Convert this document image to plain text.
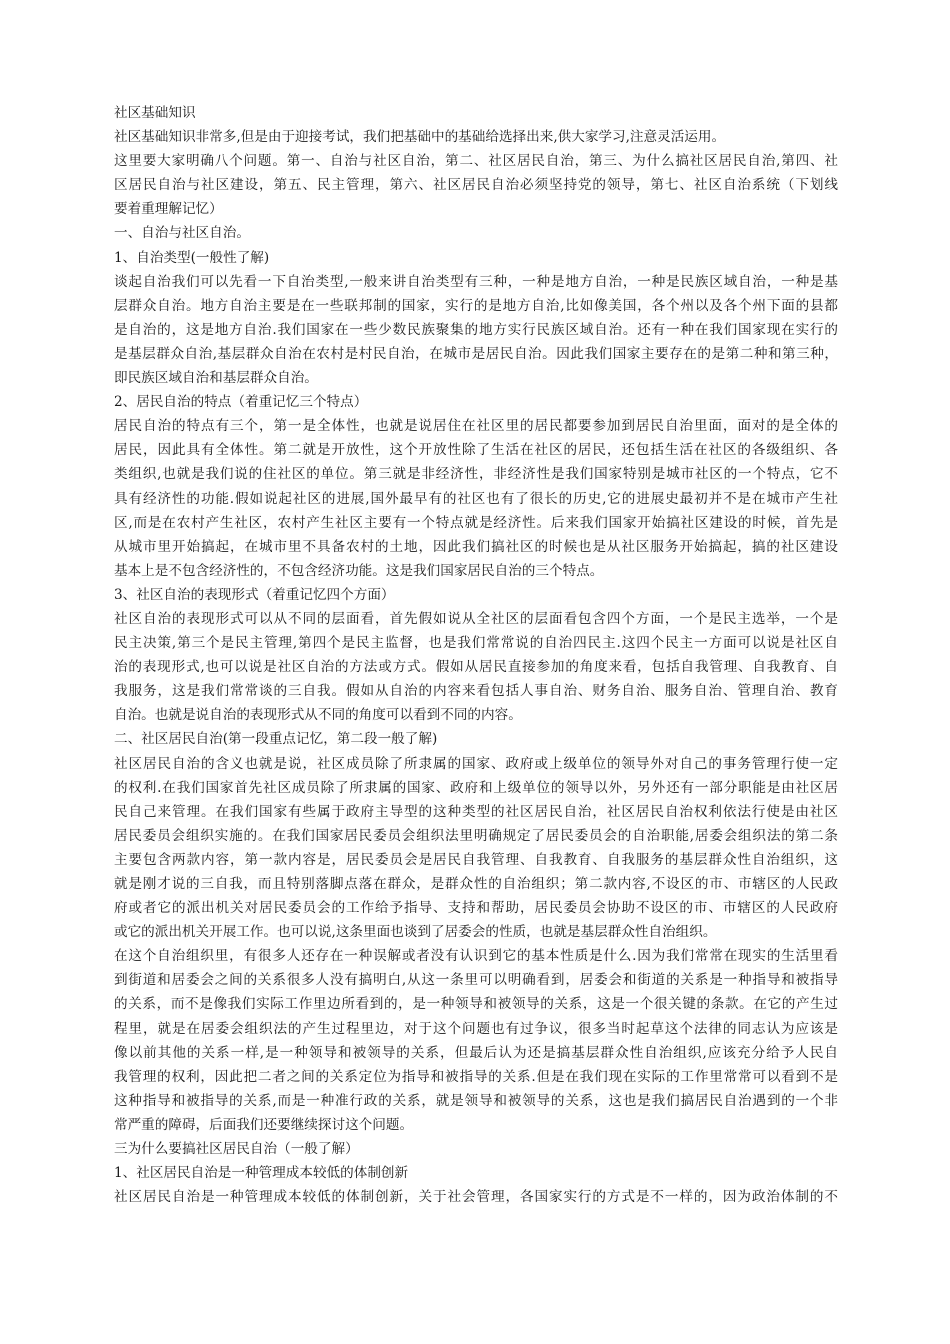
社区基础知识
社区基础知识非常多,但是由于迎接考试，我们把基础中的基础给选择出来,供大家学习,注意灵活运用。
这里要大家明确八个问题。第一、自治与社区自治，第二、社区居民自治，第三、为什么搞社区居民自治,第四、社
区居民自治与社区建设，第五、民主管理，第六、社区居民自治必须坚持党的领导，第七、社区自治系统（下划线
要着重理解记忆）
一、自治与社区自治。
1、自治类型(一般性了解)
谈起自治我们可以先看一下自治类型,一般来讲自治类型有三种，一种是地方自治，一种是民族区域自治，一种是基
层群众自治。地方自治主要是在一些联邦制的国家，实行的是地方自治,比如像美国，各个州以及各个州下面的县都
是自治的，这是地方自治.我们国家在一些少数民族聚集的地方实行民族区域自治。还有一种在我们国家现在实行的
是基层群众自治,基层群众自治在农村是村民自治，在城市是居民自治。因此我们国家主要存在的是第二种和第三种，
即民族区域自治和基层群众自治。
2、居民自治的特点（着重记忆三个特点）
居民自治的特点有三个，第一是全体性，也就是说居住在社区里的居民都要参加到居民自治里面，面对的是全体的
居民，因此具有全体性。第二就是开放性，这个开放性除了生活在社区的居民，还包括生活在社区的各级组织、各
类组织,也就是我们说的住社区的单位。第三就是非经济性，非经济性是我们国家特别是城市社区的一个特点，它不
具有经济性的功能.假如说起社区的进展,国外最早有的社区也有了很长的历史,它的进展史最初并不是在城市产生社
区,而是在农村产生社区，农村产生社区主要有一个特点就是经济性。后来我们国家开始搞社区建设的时候，首先是
从城市里开始搞起，在城市里不具备农村的土地，因此我们搞社区的时候也是从社区服务开始搞起，搞的社区建设
基本上是不包含经济性的，不包含经济功能。这是我们国家居民自治的三个特点。
3、社区自治的表现形式（着重记忆四个方面）
社区自治的表现形式可以从不同的层面看，首先假如说从全社区的层面看包含四个方面，一个是民主选举，一个是
民主决策,第三个是民主管理,第四个是民主监督，也是我们常常说的自治四民主.这四个民主一方面可以说是社区自
治的表现形式,也可以说是社区自治的方法或方式。假如从居民直接参加的角度来看，包括自我管理、自我教育、自
我服务，这是我们常常谈的三自我。假如从自治的内容来看包括人事自治、财务自治、服务自治、管理自治、教育
自治。也就是说自治的表现形式从不同的角度可以看到不同的内容。
二、社区居民自治(第一段重点记忆，第二段一般了解)
社区居民自治的含义也就是说，社区成员除了所隶属的国家、政府或上级单位的领导外对自己的事务管理行使一定
的权利.在我们国家首先社区成员除了所隶属的国家、政府和上级单位的领导以外，另外还有一部分职能是由社区居
民自己来管理。在我们国家有些属于政府主导型的这种类型的社区居民自治，社区居民自治权利依法行使是由社区
居民委员会组织实施的。在我们国家居民委员会组织法里明确规定了居民委员会的自治职能,居委会组织法的第二条
主要包含两款内容，第一款内容是，居民委员会是居民自我管理、自我教育、自我服务的基层群众性自治组织，这
就是刚才说的三自我，而且特别落脚点落在群众，是群众性的自治组织；第二款内容,不设区的市、市辖区的人民政
府或者它的派出机关对居民委员会的工作给予指导、支持和帮助，居民委员会协助不设区的市、市辖区的人民政府
或它的派出机关开展工作。也可以说,这条里面也谈到了居委会的性质，也就是基层群众性自治组织。
在这个自治组织里，有很多人还存在一种误解或者没有认识到它的基本性质是什么.因为我们常常在现实的生活里看
到街道和居委会之间的关系很多人没有搞明白,从这一条里可以明确看到，居委会和街道的关系是一种指导和被指导
的关系，而不是像我们实际工作里边所看到的，是一种领导和被领导的关系，这是一个很关键的条款。在它的产生过
程里，就是在居委会组织法的产生过程里边，对于这个问题也有过争议，很多当时起草这个法律的同志认为应该是
像以前其他的关系一样,是一种领导和被领导的关系，但最后认为还是搞基层群众性自治组织,应该充分给予人民自
我管理的权利，因此把二者之间的关系定位为指导和被指导的关系.但是在我们现在实际的工作里常常可以看到不是
这种指导和被指导的关系,而是一种准行政的关系，就是领导和被领导的关系，这也是我们搞居民自治遇到的一个非
常严重的障碍，后面我们还要继续探讨这个问题。
三为什么要搞社区居民自治（一般了解）
1、社区居民自治是一种管理成本较低的体制创新
社区居民自治是一种管理成本较低的体制创新，关于社会管理，各国家实行的方式是不一样的，因为政治体制的不
